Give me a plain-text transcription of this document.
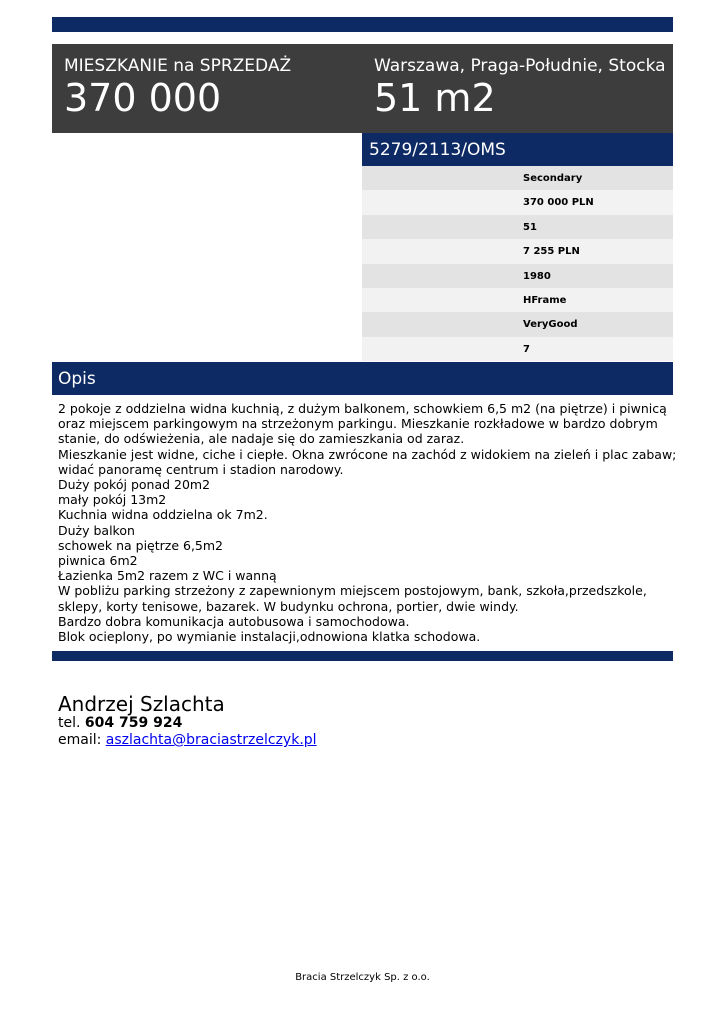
MIESZKANIE na SPRZEDAŻ
370 000
Warszawa, Praga-Południe, Stocka
51 m2
5279/2113/OMS
Secondary
370 000 PLN
51
7 255 PLN
1980
HFrame
VeryGood
7
Opis
2 pokoje z oddzielna widna kuchnią, z dużym balkonem, schowkiem 6,5 m2 (na piętrze) i piwnicą
oraz miejscem parkingowym na strzeżonym parkingu. Mieszkanie rozkładowe w bardzo dobrym
stanie, do odświeżenia, ale nadaje się do zamieszkania od zaraz.
Mieszkanie jest widne, ciche i ciepłe. Okna zwrócone na zachód z widokiem na zieleń i plac zabaw;
widać panoramę centrum i stadion narodowy.
Duży pokój ponad 20m2
mały pokój 13m2
Kuchnia widna oddzielna ok 7m2.
Duży balkon
schowek na piętrze 6,5m2
piwnica 6m2
Łazienka 5m2 razem z WC i wanną
W pobliżu parking strzeżony z zapewnionym miejscem postojowym, bank, szkoła,przedszkole,
sklepy, korty tenisowe, bazarek. W budynku ochrona, portier, dwie windy.
Bardzo dobra komunikacja autobusowa i samochodowa.
Blok ocieplony, po wymianie instalacji,odnowiona klatka schodowa.
Andrzej Szlachta
tel. 604 759 924
email: aszlachta@braciastrzelczyk.pl
Bracia Strzelczyk Sp. z o.o.
